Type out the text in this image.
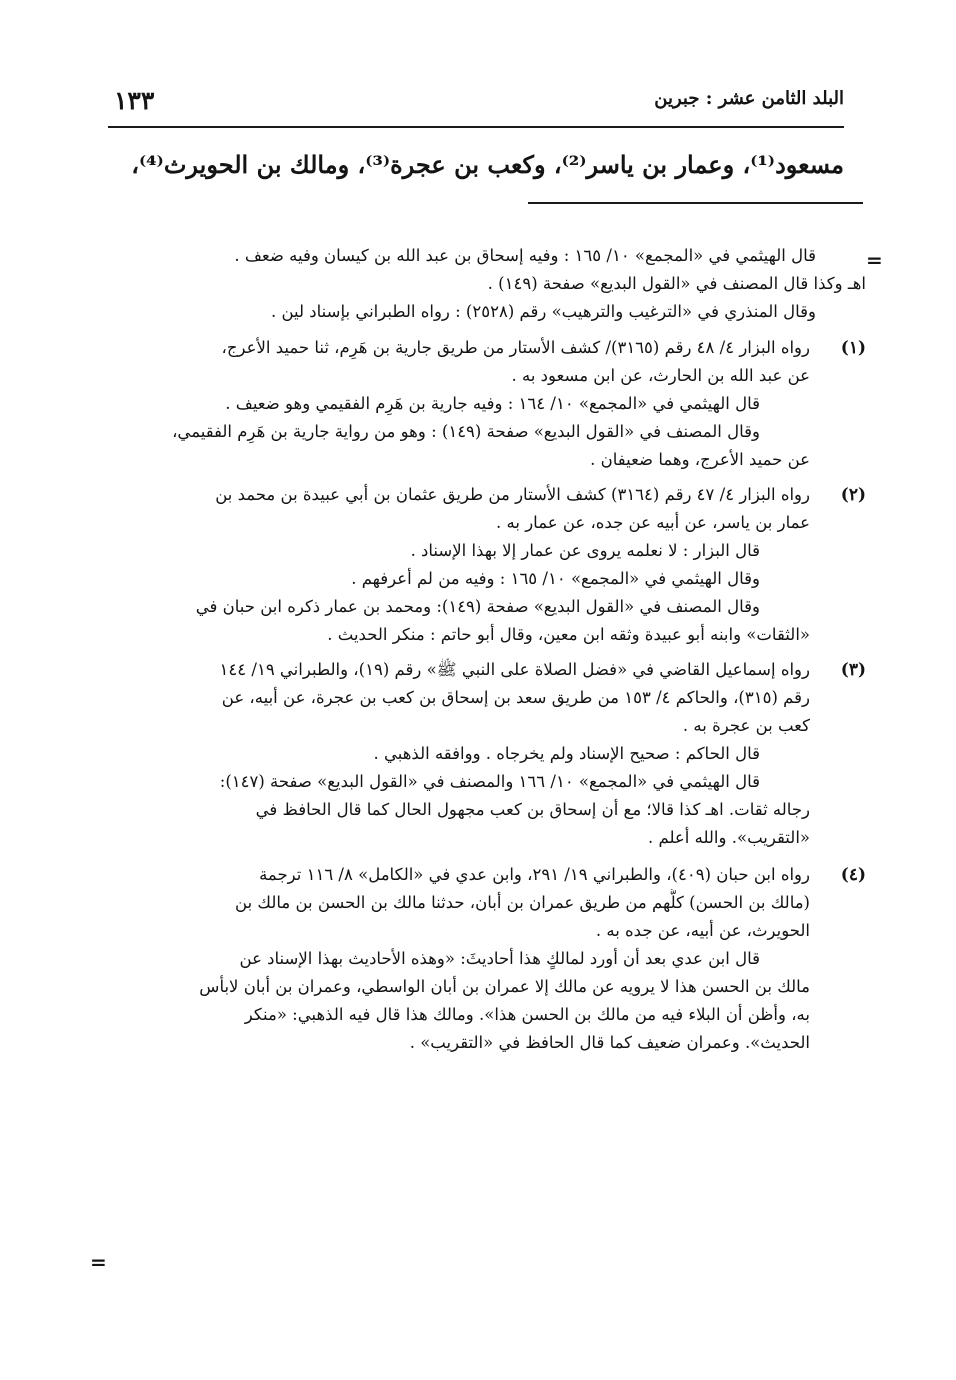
البلد الثامن عشر : جبرين
١٣٣
مسعود⁽¹⁾، وعمار بن ياسر⁽²⁾، وكعب بن عجرة⁽³⁾، ومالك بن الحويرث⁽⁴⁾،
=
قال الهيثمي في «المجمع» ١٠/ ١٦٥ : وفيه إسحاق بن عبد الله بن كيسان وفيه ضعف .
اهـ وكذا قال المصنف في «القول البديع» صفحة (١٤٩) .
وقال المنذري في «الترغيب والترهيب» رقم (٢٥٢٨) : رواه الطبراني بإسناد لين .
(١)
رواه البزار ٤/ ٤٨ رقم (٣١٦٥)/ كشف الأستار من طريق جارية بن هَرِم، ثنا حميد الأعرج،
عن عبد الله بن الحارث، عن ابن مسعود به .
قال الهيثمي في «المجمع» ١٠/ ١٦٤ : وفيه جارية بن هَرِم الفقيمي وهو ضعيف .
وقال المصنف في «القول البديع» صفحة (١٤٩) : وهو من رواية جارية بن هَرِم الفقيمي،
عن حميد الأعرج، وهما ضعيفان .
(٢)
رواه البزار ٤/ ٤٧ رقم (٣١٦٤) كشف الأستار من طريق عثمان بن أبي عبيدة بن محمد بن
عمار بن ياسر، عن أبيه عن جده، عن عمار به .
قال البزار : لا نعلمه يروى عن عمار إلا بهذا الإسناد .
وقال الهيثمي في «المجمع» ١٠/ ١٦٥ : وفيه من لم أعرفهم .
وقال المصنف في «القول البديع» صفحة (١٤٩): ومحمد بن عمار ذكره ابن حبان في
«الثقات» وابنه أبو عبيدة وثقه ابن معين، وقال أبو حاتم : منكر الحديث .
(٣)
رواه إسماعيل القاضي في «فضل الصلاة على النبي ﷺ» رقم (١٩)، والطبراني ١٩/ ١٤٤
رقم (٣١٥)، والحاكم ٤/ ١٥٣ من طريق سعد بن إسحاق بن كعب بن عجرة، عن أبيه، عن
كعب بن عجرة به .
قال الحاكم : صحيح الإسناد ولم يخرجاه . ووافقه الذهبي .
قال الهيثمي في «المجمع» ١٠/ ١٦٦ والمصنف في «القول البديع» صفحة (١٤٧):
رجاله ثقات. اهـ كذا قالا؛ مع أن إسحاق بن كعب مجهول الحال كما قال الحافظ في
«التقريب». والله أعلم .
(٤)
رواه ابن حبان (٤٠٩)، والطبراني ١٩/ ٢٩١، وابن عدي في «الكامل» ٨/ ١١٦ ترجمة
(مالك بن الحسن) كلُّهم من طريق عمران بن أبان، حدثنا مالك بن الحسن بن مالك بن
الحويرث، عن أبيه، عن جده به .
قال ابن عدي بعد أن أورد لمالكٍ هذا أحاديثَ: «وهذه الأحاديث بهذا الإسناد عن
مالك بن الحسن هذا لا يرويه عن مالك إلا عمران بن أبان الواسطي، وعمران بن أبان لابأس
به، وأظن أن البلاء فيه من مالك بن الحسن هذا». ومالك هذا قال فيه الذهبي: «منكر
الحديث». وعمران ضعيف كما قال الحافظ في «التقريب» .
=
